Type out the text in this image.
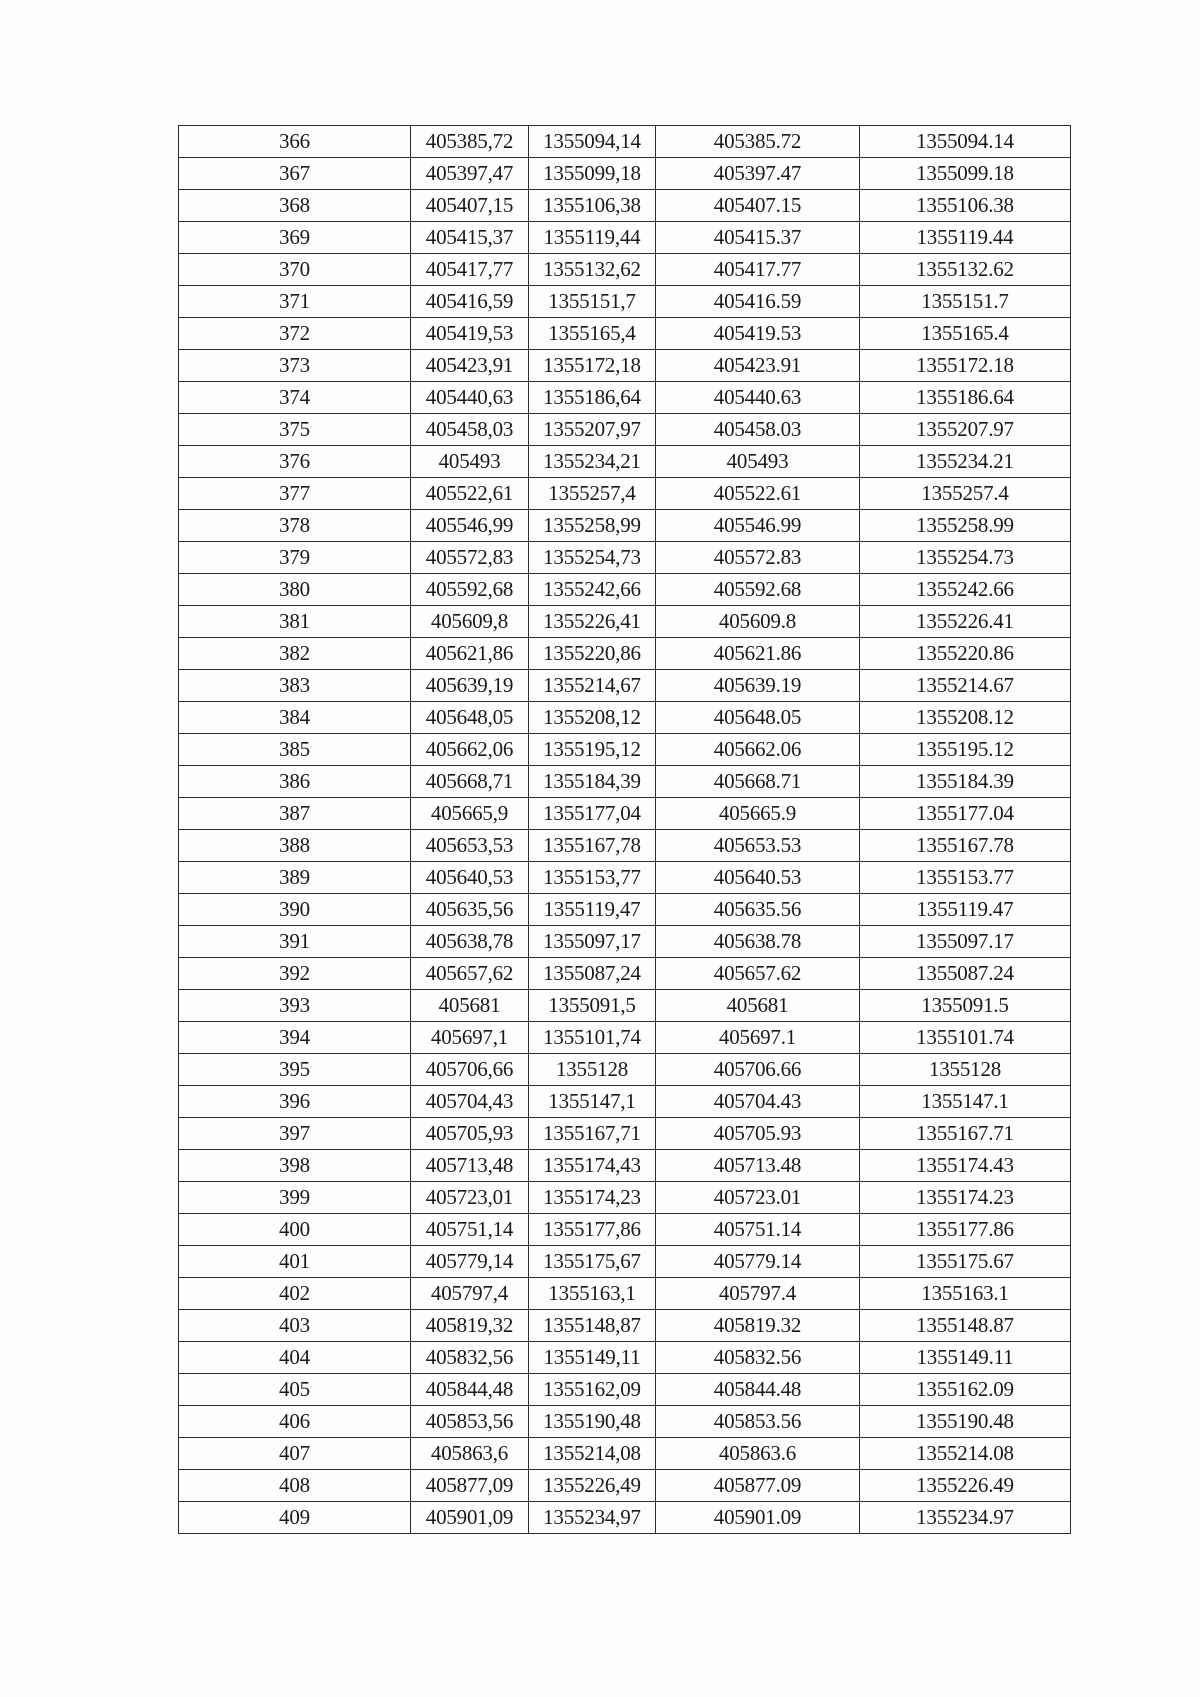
366	405385,72	1355094,14	405385.72	1355094.14
367	405397,47	1355099,18	405397.47	1355099.18
368	405407,15	1355106,38	405407.15	1355106.38
369	405415,37	1355119,44	405415.37	1355119.44
370	405417,77	1355132,62	405417.77	1355132.62
371	405416,59	1355151,7	405416.59	1355151.7
372	405419,53	1355165,4	405419.53	1355165.4
373	405423,91	1355172,18	405423.91	1355172.18
374	405440,63	1355186,64	405440.63	1355186.64
375	405458,03	1355207,97	405458.03	1355207.97
376	405493	1355234,21	405493	1355234.21
377	405522,61	1355257,4	405522.61	1355257.4
378	405546,99	1355258,99	405546.99	1355258.99
379	405572,83	1355254,73	405572.83	1355254.73
380	405592,68	1355242,66	405592.68	1355242.66
381	405609,8	1355226,41	405609.8	1355226.41
382	405621,86	1355220,86	405621.86	1355220.86
383	405639,19	1355214,67	405639.19	1355214.67
384	405648,05	1355208,12	405648.05	1355208.12
385	405662,06	1355195,12	405662.06	1355195.12
386	405668,71	1355184,39	405668.71	1355184.39
387	405665,9	1355177,04	405665.9	1355177.04
388	405653,53	1355167,78	405653.53	1355167.78
389	405640,53	1355153,77	405640.53	1355153.77
390	405635,56	1355119,47	405635.56	1355119.47
391	405638,78	1355097,17	405638.78	1355097.17
392	405657,62	1355087,24	405657.62	1355087.24
393	405681	1355091,5	405681	1355091.5
394	405697,1	1355101,74	405697.1	1355101.74
395	405706,66	1355128	405706.66	1355128
396	405704,43	1355147,1	405704.43	1355147.1
397	405705,93	1355167,71	405705.93	1355167.71
398	405713,48	1355174,43	405713.48	1355174.43
399	405723,01	1355174,23	405723.01	1355174.23
400	405751,14	1355177,86	405751.14	1355177.86
401	405779,14	1355175,67	405779.14	1355175.67
402	405797,4	1355163,1	405797.4	1355163.1
403	405819,32	1355148,87	405819.32	1355148.87
404	405832,56	1355149,11	405832.56	1355149.11
405	405844,48	1355162,09	405844.48	1355162.09
406	405853,56	1355190,48	405853.56	1355190.48
407	405863,6	1355214,08	405863.6	1355214.08
408	405877,09	1355226,49	405877.09	1355226.49
409	405901,09	1355234,97	405901.09	1355234.97
